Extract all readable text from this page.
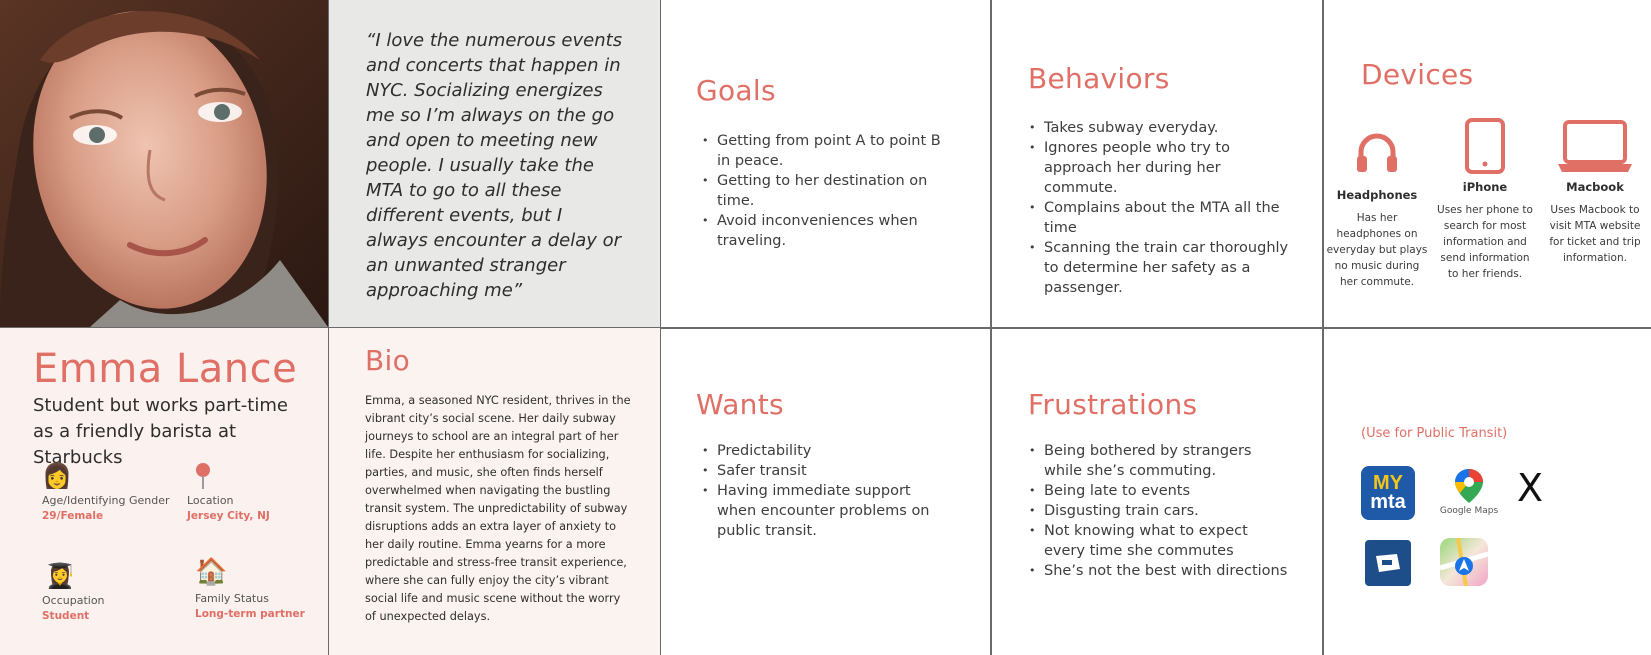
“I love the numerous events and concerts that happen in NYC. Socializing energizes me so I’m always on the go and open to meeting new people. I usually take the MTA to go to all these different events, but I always encounter a delay or an unwanted stranger approaching me”

Goals
• Getting from point A to point B in peace.
• Getting to her destination on time.
• Avoid inconveniences when traveling.
Behaviors
• Takes subway everyday.
• Ignores people who try to approach her during her commute.
• Complains about the MTA all the time
• Scanning the train car thoroughly to determine her safety as a passenger.
Devices
Headphones
Has her headphones on everyday but plays no music during her commute.
iPhone
Uses her phone to search for most information and send information to her friends.
Macbook
Uses Macbook to visit MTA website for ticket and trip information.
Emma Lance
Student but works part-time as a friendly barista at Starbucks
👩
Age/Identifying Gender
29/Female
Location
Jersey City, NJ
👩‍🎓
Occupation
Student
🏠
Family Status
Long-term partner
Bio

Emma, a seasoned NYC resident, thrives in the vibrant city’s social scene. Her daily subway journeys to school are an integral part of her life. Despite her enthusiasm for socializing, parties, and music, she often finds herself overwhelmed when navigating the bustling transit system. The unpredictability of subway disruptions adds an extra layer of anxiety to her daily routine. Emma yearns for a more predictable and stress-free transit experience, where she can fully enjoy the city’s vibrant social life and music scene without the worry of unexpected delays.

Wants
• Predictability
• Safer transit
• Having immediate support when encounter problems on public transit.
Frustrations
• Being bothered by strangers while she’s commuting.
• Being late to events
• Disgusting train cars.
• Not knowing what to expect every time she commutes
• She’s not the best with directions
(Use for Public Transit)
MY
mta	Google Maps
X
